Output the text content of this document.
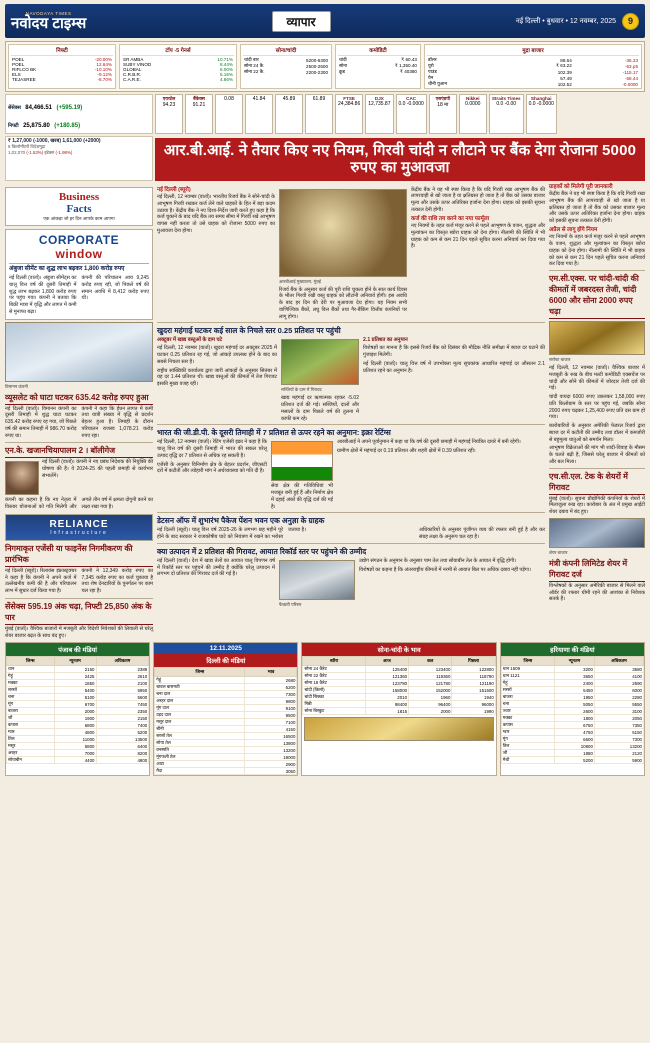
NAVODAYA TIMES
नवोदय टाइम्स	व्यापार	नई दिल्ली • बुधवार • 12 नवम्बर, 2025	9
निफ्टी
POEL	-20.00%
POEL	12.64%
RIFLCO BK	-10.10%
ELS	-9.12%
TEJASREE	-8.70%
टॉप -5 गेनर्स
SR AMBA	10.71%
SUBY VINOD	8.44%
GLOBAL	6.00%
C.R.B.R.	5.16%
C.A.R.E.	4.86%
सोना/चांदी
चांदी बार	5200-6300
सोना 24 कै.	2500-2600
सोना 22 कै.	2200-2300
कमोडिटी
चांदी	₹ 60.43
सोना	₹ 1,350.40
क्रूड	₹ 40380
मुद्रा बाजार
डॉलर	88.64	-36.33
यूरो	₹ 63.22	-63.p5
पाउंड	102.39	-115.17
येन	57.49	-58.44
चीनी युआन	102.52	-0.0000
सेंसेक्स 84,466.51 (+595.19)
निफ्टी 25,875.80 (+180.85)
एयरटेल
94.23
बैंकेक्स
91.21
0.08	41.84	45.89	61.89	FTSE
24,384.86
DJX
12,735.87
CAC
0.0 -0.0000
एसएंडपी
18 मा
Nikkei
0.0000
Straits Times
0.0 -0.00
Shanghai
0.0 -0.0000
₹ 1,27,000 (-1000, खरब) 1,61,000 (+2000)
5 किलोमीटरी विदेशमुद्रा
1,02,070 (-1.53%) इंडेक्स (-1.98%)	आर.बी.आई. ने तैयार किए नए नियम, गिरवी चांदी न लौटाने पर बैंक देगा रोजाना 5000 रुपए का मुआवजा
Business
Facts
एक आंकड़ा जो हर दिन आपके काम आएगा
CORPORATE
window
अंबुजा सीमेंट का शुद्ध लाभ बढ़कर 1,800 करोड़ रुपए

नई दिल्ली (वार्ता)। अंबुजा सीमेंट्स का चालू वित्त वर्ष की दूसरी तिमाही में शुद्ध लाभ बढ़कर 1,800 करोड़ रुपए पर पहुंच गया। कंपनी ने बताया कि बिक्री मात्रा में वृद्धि और लागत में कमी से मुनाफा बढ़ा।

कंपनी की परिचालन आय 9,245 करोड़ रुपए रही, जो पिछले वर्ष की समान अवधि में 8,412 करोड़ रुपए थी।

विमानन कंपनी
व्यूसलेट को घाटा घटकर 635.42 करोड़ रुपए हुआ

नई दिल्ली (वार्ता)। विमानन कंपनी का दूसरी तिमाही में शुद्ध घाटा घटकर 635.42 करोड़ रुपए रह गया, जो पिछले वर्ष की समान तिमाही में 986.70 करोड़ रुपए था।

कंपनी ने कहा कि ईंधन लागत में कमी तथा यात्री संख्या में वृद्धि से प्रदर्शन बेहतर हुआ है। तिमाही के दौरान परिचालन राजस्व 1,078.21 करोड़ रुपए रहा।

एन.के. खजानचियापालम 2 । बॉलीगेज

नई दिल्ली (वार्ता)। कंपनी ने नए प्रबंध निदेशक की नियुक्ति की घोषणा की है। वे 2024-25 की पहली छमाही से कार्यभार संभालेंगे।

कंपनी का कहना है कि नए नेतृत्व में विस्तार योजनाओं को गति मिलेगी और अगले तीन वर्ष में क्षमता दोगुनी करने का लक्ष्य रखा गया है।

RELIANCE
Infrastructure
निगमाकृत एजेंसी या फाइनेंस निगमीकरण की प्रारंभिक

नई दिल्ली (ब्यूरो)। रिलायंस इंफ्रास्ट्रक्चर ने कहा है कि कंपनी ने अपने कर्ज में उल्लेखनीय कमी की है और परिचालन लाभ में सुधार दर्ज किया गया है।

कंपनी ने 12,349 करोड़ रुपए का 7,345 करोड़ रुपए का कर्ज चुकाया है तथा शेष देनदारियों के पुनर्गठन पर काम चल रहा है।

सेंसेक्स 595.19 अंक चढ़ा, निफ्टी 25,850 अंक के पार

मुंबई (वार्ता)। वैश्विक बाजारों में मजबूती और विदेशी निवेशकों की लिवाली से घरेलू शेयर बाजार बढ़त के साथ बंद हुए।

नई दिल्ली (ब्यूरो)

नई दिल्ली, 12 नवम्बर (वार्ता)। भारतीय रिजर्व बैंक ने सोने-चांदी के आभूषण गिरवी रखकर कर्ज लेने वाले ग्राहकों के हित में बड़ा कदम उठाया है। केंद्रीय बैंक ने नए दिशा-निर्देश जारी करते हुए कहा है कि कर्ज चुकाने के बाद यदि बैंक तय समय सीमा में गिरवी रखे आभूषण वापस नहीं करता तो उसे ग्राहक को रोजाना 5000 रुपए का मुआवजा देना होगा।

आरबीआई मुख्यालय, मुंबई

रिजर्व बैंक के अनुसार कर्ज की पूरी राशि चुकता होने के सात कार्य दिवस के भीतर गिरवी रखी वस्तु ग्राहक को लौटानी अनिवार्य होगी। इस अवधि के बाद हर दिन की देरी पर मुआवजा देय होगा। यह नियम सभी वाणिज्यिक बैंकों, लघु वित्त बैंकों तथा गैर-बैंकिंग वित्तीय कंपनियों पर लागू होगा।

केंद्रीय बैंक ने यह भी स्पष्ट किया है कि यदि गिरवी रखा आभूषण बैंक की लापरवाही से खो जाता है या क्षतिग्रस्त हो जाता है तो बैंक को उसका बाजार मूल्य और उसके ऊपर अतिरिक्त हर्जाना देना होगा। ग्राहक को इसकी सूचना तत्काल देनी होगी।

कर्ज की राशि तय करने का नया फार्मूला

नए नियमों के तहत कर्ज मंजूर करने से पहले आभूषण के वजन, शुद्धता और मूल्यांकन का विस्तृत ब्योरा ग्राहक को देना होगा। नीलामी की स्थिति में भी ग्राहक को कम से कम 21 दिन पहले सूचित करना अनिवार्य कर दिया गया है।

खुदरा महंगाई घटकर कई साल के निचले स्तर 0.25 प्रतिशत पर पहुंची
अक्टूबर में खाद्य वस्तुओं के दाम घटे

नई दिल्ली, 12 नवम्बर (वार्ता)। खुदरा महंगाई दर अक्टूबर 2025 में घटकर 0.25 प्रतिशत रह गई, जो आंकड़े उपलब्ध होने के बाद का सबसे निचला स्तर है।

राष्ट्रीय सांख्यिकी कार्यालय द्वारा जारी आंकड़ों के अनुसार सितंबर में यह दर 1.44 प्रतिशत थी। खाद्य वस्तुओं की कीमतों में तेज गिरावट इसकी मुख्य वजह रही।

सब्जियों के दाम में गिरावट

खाद्य महंगाई दर ऋणात्मक रहकर -5.02 प्रतिशत दर्ज की गई। सब्जियों, दालों और मसालों के दाम पिछले वर्ष की तुलना में काफी कम रहे।

2.1 प्रतिशत का अनुमान

विशेषज्ञों का मानना है कि इससे रिजर्व बैंक को दिसंबर की मौद्रिक नीति समीक्षा में ब्याज दर घटाने की गुंजाइश मिलेगी।

नई दिल्ली (वार्ता)। चालू वित्त वर्ष में उपभोक्ता मूल्य सूचकांक आधारित महंगाई दर औसतन 2.1 प्रतिशत रहने का अनुमान है।

भारत की जी.डी.पी. के दूसरी तिमाही में 7 प्रतिशत से ऊपर रहने का अनुमान: इक्रा रेटिंग्स

नई दिल्ली, 12 नवम्बर (वार्ता)। रेटिंग एजेंसी इक्रा ने कहा है कि चालू वित्त वर्ष की दूसरी तिमाही में भारत की सकल घरेलू उत्पाद वृद्धि दर 7 प्रतिशत से अधिक रह सकती है।

एजेंसी के अनुसार विनिर्माण क्षेत्र के बेहतर प्रदर्शन, जीएसटी दरों में कटौती और त्योहारी मांग ने अर्थव्यवस्था को गति दी है।

सेवा क्षेत्र की गतिविधियां भी मजबूत बनी हुई हैं और निर्माण क्षेत्र में दहाई अंकों की वृद्धि दर्ज की गई है।

आरबीआई ने अपने पूर्वानुमान में कहा था कि वर्ष की दूसरी छमाही में महंगाई नियंत्रित दायरे में बनी रहेगी।

ग्रामीण क्षेत्रों में महंगाई दर 0.19 प्रतिशत और शहरी क्षेत्रों में 0.39 प्रतिशत रही।

डेटसन ऑफ में शुभारंभ पैकेज पेंशन भवन एक अनुज्ञा के ग्राहक

नई दिल्ली (ब्यूरो)। चालू वित्त वर्ष 2025-26 के लगभग छह महीने पूरे होने के बाद सरकार ने राजकोषीय घाटे को नियंत्रण में रखने का भरोसा जताया है।	अधिकारियों के अनुसार पूंजीगत व्यय की रफ्तार बनी हुई है और कर संग्रह लक्ष्य के अनुरूप चल रहा है।

क्या उत्पादन में 2 प्रतिशत की गिरावट, आयात रिकॉर्ड स्तर पर पहुंचने की उम्मीद

नई दिल्ली (वार्ता)। देश में खाद्य तेलों का आयात चालू विपणन वर्ष में रिकॉर्ड स्तर पर पहुंचने की उम्मीद है क्योंकि घरेलू उत्पादन में लगभग दो प्रतिशत की गिरावट दर्ज की गई है।

फैक्टरी परिसर

उद्योग संगठन के अनुमान के अनुसार पाम तेल तथा सोयाबीन तेल के आयात में वृद्धि होगी।

विशेषज्ञों का कहना है कि अंतरराष्ट्रीय कीमतों में नरमी से आयात बिल पर अधिक दबाव नहीं पड़ेगा।

ग्राहकों को मिलेगी पूरी जानकारी

केंद्रीय बैंक ने यह भी स्पष्ट किया है कि यदि गिरवी रखा आभूषण बैंक की लापरवाही से खो जाता है या क्षतिग्रस्त हो जाता है तो बैंक को उसका बाजार मूल्य और उसके ऊपर अतिरिक्त हर्जाना देना होगा। ग्राहक को इसकी सूचना तत्काल देनी होगी।

अप्रैल से लागू होंगे नियम

नए नियमों के तहत कर्ज मंजूर करने से पहले आभूषण के वजन, शुद्धता और मूल्यांकन का विस्तृत ब्योरा ग्राहक को देना होगा। नीलामी की स्थिति में भी ग्राहक को कम से कम 21 दिन पहले सूचित करना अनिवार्य कर दिया गया है।

एम.सी.एक्स. पर चांदी-चांदी की कीमतों में जबरदस्त तेजी, चांदी 6000 और सोना 2000 रुपए चढ़ा
सर्राफा बाजार

नई दिल्ली, 12 नवम्बर (वार्ता)। वैश्विक बाजार में मजबूती के रुख के बीच मल्टी कमोडिटी एक्सचेंज पर चांदी और सोने की कीमतों में जोरदार तेजी दर्ज की गई।

चांदी वायदा 6000 रुपए उछलकर 1,58,000 रुपए प्रति किलोग्राम के स्तर पर पहुंच गई, जबकि सोना 2000 रुपए चढ़कर 1,25,400 रुपए प्रति दस ग्राम हो गया।

कारोबारियों के अनुसार अमेरिकी फेडरल रिजर्व द्वारा ब्याज दर में कटौती की उम्मीद तथा डॉलर में कमजोरी से बहुमूल्य धातुओं को समर्थन मिला।

आभूषण विक्रेताओं की मांग भी शादी-विवाह के मौसम के चलते बढ़ी है, जिससे घरेलू बाजार में कीमतों को और बल मिला।

एच.सी.एल. टेक के शेयरों में गिरावट

मुंबई (वार्ता)। सूचना प्रौद्योगिकी कंपनियों के शेयरों में मिलाजुला रुख रहा। कारोबार के अंत में प्रमुख आईटी शेयर दबाव में बंद हुए।

शेयर बाजार
मंत्री कंपनी लिमिटेड शेयर में गिरावट दर्ज

विश्लेषकों के अनुसार अमेरिकी बाजार से मिलने वाले ऑर्डर की रफ्तार धीमी रहने की आशंका से निवेशक सतर्क हैं।

पंजाब की मंडियां
जिन्स	न्यूनतम	अधिकतम
धान	2150	2389
गेहूं	2425	2610
मक्का	1850	2100
सरसों	5400	5950
चना	5100	5600
मूंग	6700	7450
बाजरा	2000	2350
जौ	1900	2150
कपास	6800	7400
ग्वार	4800	5200
तिल	11000	13500
मसूर	5800	6400
अरहर	7000	8200
सोयाबीन	4400	4800
12.11.2025
दिल्ली की मंडियां
जिन्स	भाव
गेहूं	2680
चावल बासमती	6200
चना दाल	7300
अरहर दाल	9800
मूंग दाल	9100
उड़द दाल	9500
मसूर दाल	7100
चीनी	4150
सरसों तेल	16500
सोया तेल	13800
वनस्पति	13200
मूंगफली तेल	19000
आटा	2900
मैदा	3050
सोना-चांदी के भाव
ब्यौरा	आज	कल	पिछला
सोना 24 कैरेट	125400	123400	122800
सोना 22 कैरेट	121360	119360	118790
सोना 18 कैरेट	123780	121780	121190
चांदी (किलो)	158000	152000	151600
चांदी सिक्का	2010	1960	1940
गिन्नी	98400	96400	96000
सोना बिस्कुट	1815	2000	1990
हरियाणा की मंडियां
जिन्स	न्यूनतम	अधिकतम
धान 1509	3200	3580
धान 1121	3650	4100
गेहूं	2400	2590
सरसों	5450	6000
बाजरा	1950	2280
चना	5050	5550
ज्वार	2600	3100
मक्का	1800	2050
कपास	6750	7350
ग्वार	4750	5150
मूंग	6600	7300
तिल	10800	13200
जौ	1880	2120
मेथी	5200	5900
